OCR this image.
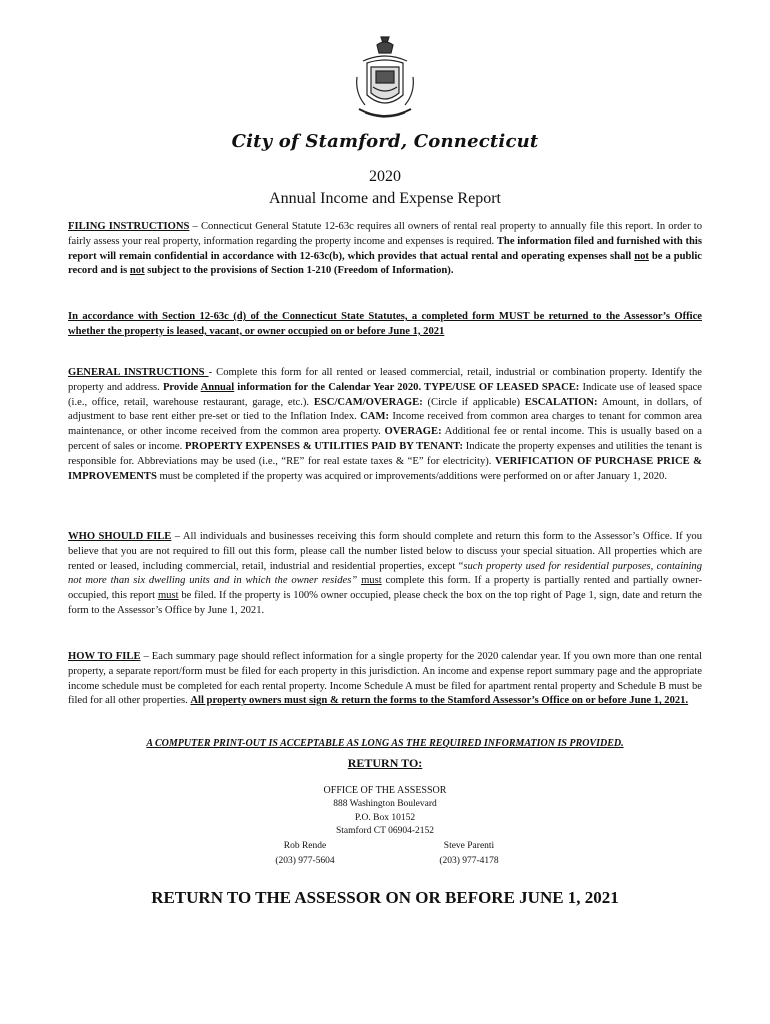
City of Stamford, Connecticut
2020
Annual Income and Expense Report
FILING INSTRUCTIONS – Connecticut General Statute 12-63c requires all owners of rental real property to annually file this report. In order to fairly assess your real property, information regarding the property income and expenses is required. The information filed and furnished with this report will remain confidential in accordance with 12-63c(b), which provides that actual rental and operating expenses shall not be a public record and is not subject to the provisions of Section 1-210 (Freedom of Information).
In accordance with Section 12-63c (d) of the Connecticut State Statutes, a completed form MUST be returned to the Assessor’s Office whether the property is leased, vacant, or owner occupied on or before June 1, 2021
GENERAL INSTRUCTIONS - Complete this form for all rented or leased commercial, retail, industrial or combination property. Identify the property and address. Provide Annual information for the Calendar Year 2020. TYPE/USE OF LEASED SPACE: Indicate use of leased space (i.e., office, retail, warehouse restaurant, garage, etc.). ESC/CAM/OVERAGE: (Circle if applicable) ESCALATION: Amount, in dollars, of adjustment to base rent either pre-set or tied to the Inflation Index. CAM: Income received from common area charges to tenant for common area maintenance, or other income received from the common area property. OVERAGE: Additional fee or rental income. This is usually based on a percent of sales or income. PROPERTY EXPENSES & UTILITIES PAID BY TENANT: Indicate the property expenses and utilities the tenant is responsible for. Abbreviations may be used (i.e., “RE” for real estate taxes & “E” for electricity). VERIFICATION OF PURCHASE PRICE & IMPROVEMENTS must be completed if the property was acquired or improvements/additions were performed on or after January 1, 2020.
WHO SHOULD FILE – All individuals and businesses receiving this form should complete and return this form to the Assessor’s Office. If you believe that you are not required to fill out this form, please call the number listed below to discuss your special situation. All properties which are rented or leased, including commercial, retail, industrial and residential properties, except “such property used for residential purposes, containing not more than six dwelling units and in which the owner resides” must complete this form. If a property is partially rented and partially owner-occupied, this report must be filed. If the property is 100% owner occupied, please check the box on the top right of Page 1, sign, date and return the form to the Assessor’s Office by June 1, 2021.
HOW TO FILE – Each summary page should reflect information for a single property for the 2020 calendar year. If you own more than one rental property, a separate report/form must be filed for each property in this jurisdiction. An income and expense report summary page and the appropriate income schedule must be completed for each rental property. Income Schedule A must be filed for apartment rental property and Schedule B must be filed for all other properties. All property owners must sign & return the forms to the Stamford Assessor’s Office on or before June 1, 2021.
A COMPUTER PRINT-OUT IS ACCEPTABLE AS LONG AS THE REQUIRED INFORMATION IS PROVIDED.
RETURN TO:
OFFICE OF THE ASSESSOR
888 Washington Boulevard
P.O. Box 10152
Stamford CT 06904-2152
Rob Rende
(203) 977-5604
Steve Parenti
(203) 977-4178
RETURN TO THE ASSESSOR ON OR BEFORE JUNE 1, 2021
